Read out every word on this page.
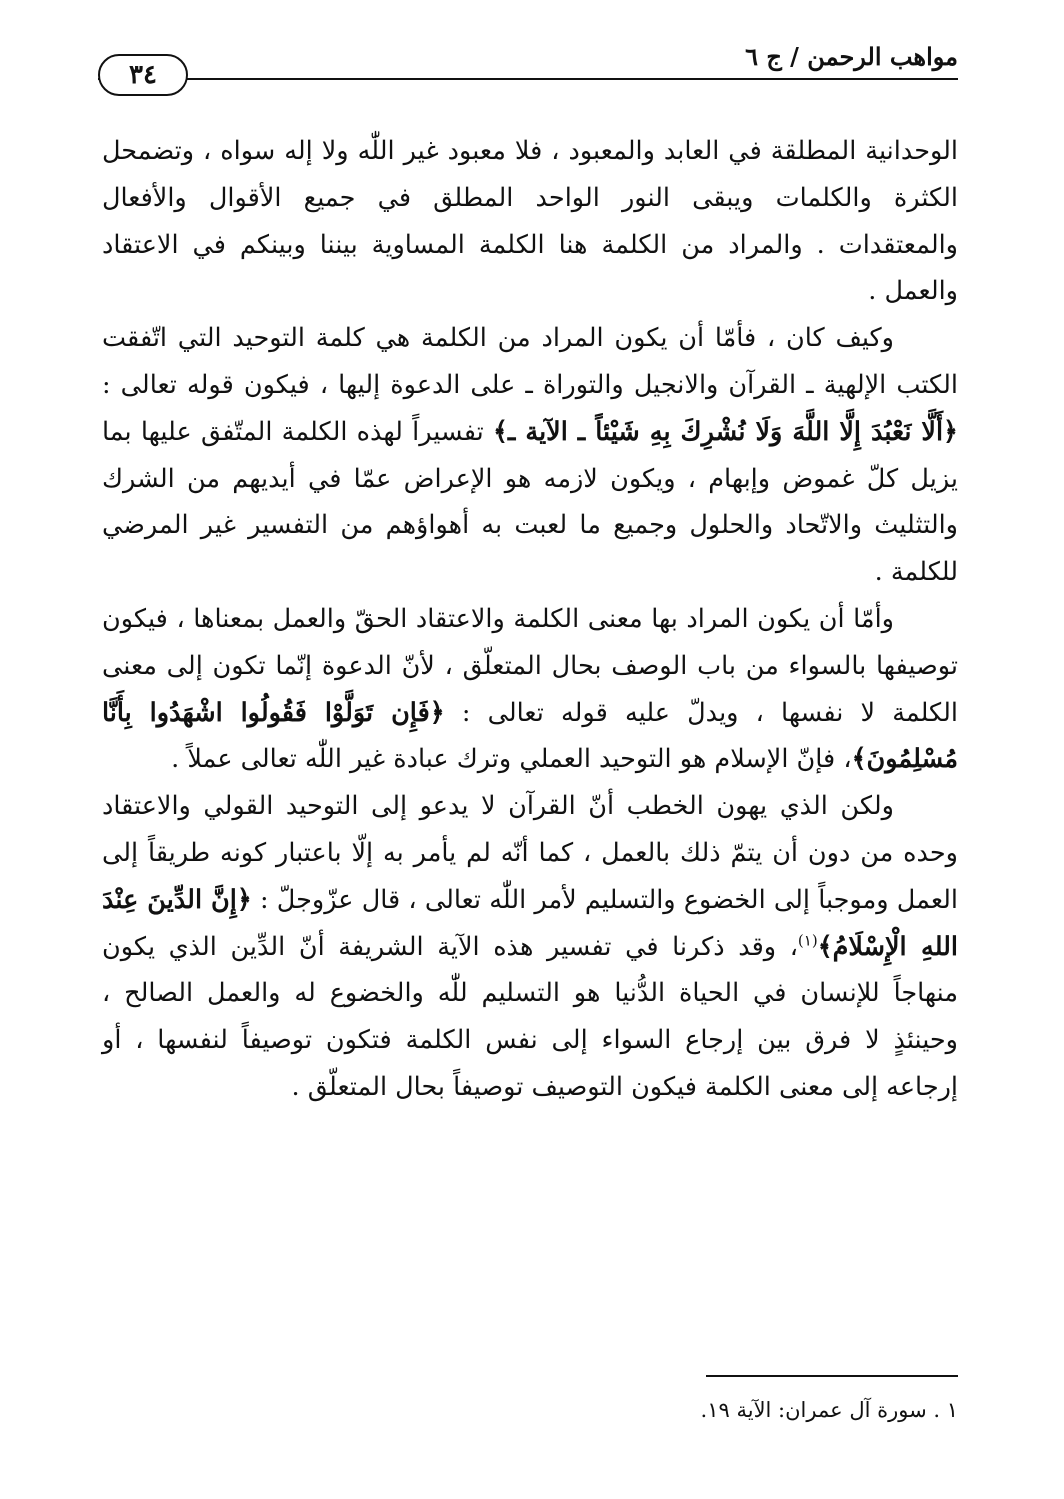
مواهب الرحمن / ج ٦
٣٤

الوحدانية المطلقة في العابد والمعبود ، فلا معبود غير اللّٰه ولا إله سواه ، وتضمحل الكثرة والكلمات ويبقى النور الواحد المطلق في جميع الأقوال والأفعال والمعتقدات . والمراد من الكلمة هنا الكلمة المساوية بيننا وبينكم في الاعتقاد والعمل .

وكيف كان ، فأمّا أن يكون المراد من الكلمة هي كلمة التوحيد التي اتّفقت الكتب الإلهية ـ القرآن والانجيل والتوراة ـ على الدعوة إليها ، فيكون قوله تعالى : ﴿أَلَّا نَعْبُدَ إِلَّا اللَّهَ وَلَا نُشْرِكَ بِهِ شَيْئاً ـ الآية ـ﴾ تفسيراً لهذه الكلمة المتّفق عليها بما يزيل كلّ غموض وإبهام ، ويكون لازمه هو الإعراض عمّا في أيديهم من الشرك والتثليث والاتّحاد والحلول وجميع ما لعبت به أهواؤهم من التفسير غير المرضي للكلمة .

وأمّا أن يكون المراد بها معنى الكلمة والاعتقاد الحقّ والعمل بمعناها ، فيكون توصيفها بالسواء من باب الوصف بحال المتعلّق ، لأنّ الدعوة إنّما تكون إلى معنى الكلمة لا نفسها ، ويدلّ عليه قوله تعالى : ﴿فَإِن تَوَلَّوْا فَقُولُوا اشْهَدُوا بِأَنَّا مُسْلِمُونَ﴾، فإنّ الإسلام هو التوحيد العملي وترك عبادة غير اللّٰه تعالى عملاً .

ولكن الذي يهون الخطب أنّ القرآن لا يدعو إلى التوحيد القولي والاعتقاد وحده من دون أن يتمّ ذلك بالعمل ، كما أنّه لم يأمر به إلّا باعتبار كونه طريقاً إلى العمل وموجباً إلى الخضوع والتسليم لأمر اللّٰه تعالى ، قال عزّوجلّ : ﴿إِنَّ الدِّينَ عِنْدَ اللهِ الْإِسْلَامُ﴾$^{(١)}$، وقد ذكرنا في تفسير هذه الآية الشريفة أنّ الدِّين الذي يكون منهاجاً للإنسان في الحياة الدُّنيا هو التسليم للّٰه والخضوع له والعمل الصالح ، وحينئذٍ لا فرق بين إرجاع السواء إلى نفس الكلمة فتكون توصيفاً لنفسها ، أو إرجاعه إلى معنى الكلمة فيكون التوصيف توصيفاً بحال المتعلّق .

١ . سورة آل عمران: الآية ١٩.
